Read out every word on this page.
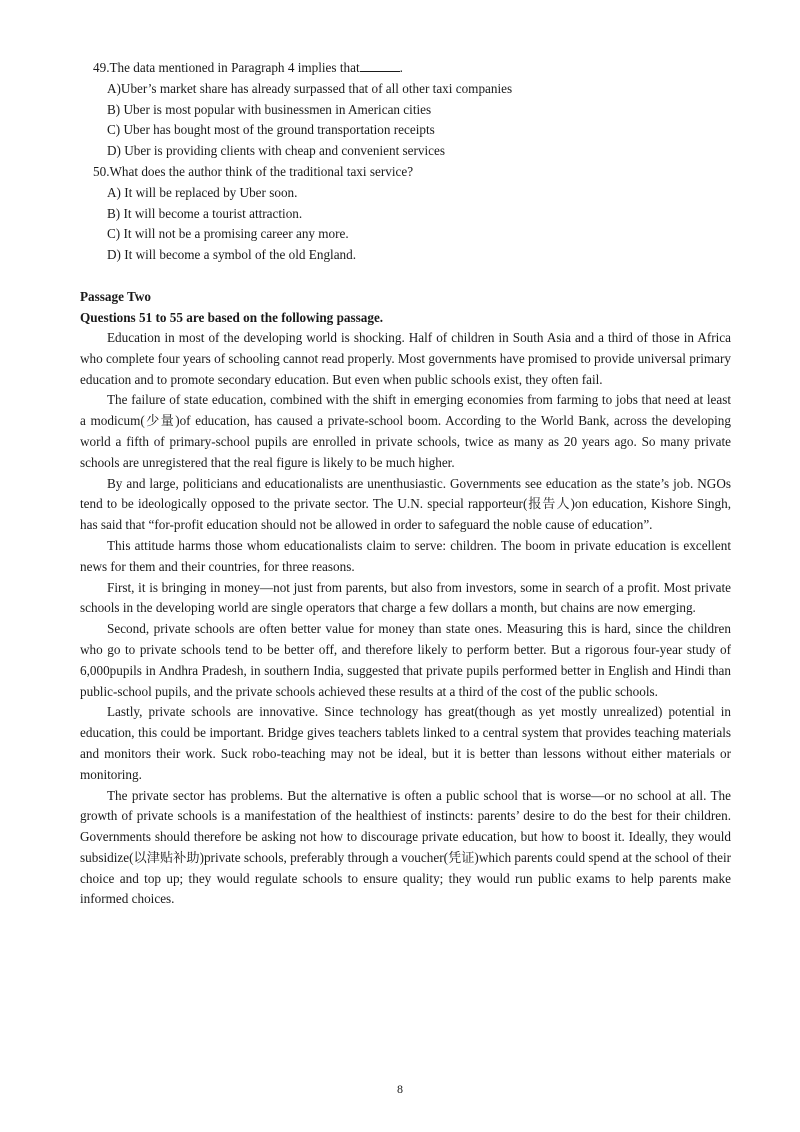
49.The data mentioned in Paragraph 4 implies that	.
A)Uber’s market share has already surpassed that of all other taxi companies
B) Uber is most popular with businessmen in American cities
C) Uber has bought most of the ground transportation receipts
D) Uber is providing clients with cheap and convenient services
50.What does the author think of the traditional taxi service?
A) It will be replaced by Uber soon.
B) It will become a tourist attraction.
C) It will not be a promising career any more.
D) It will become a symbol of the old England.
Passage Two
Questions 51 to 55 are based on the following passage.

Education in most of the developing world is shocking. Half of children in South Asia and a third of those in Africa who complete four years of schooling cannot read properly. Most governments have promised to provide universal primary education and to promote secondary education. But even when public schools exist, they often fail.

The failure of state education, combined with the shift in emerging economies from farming to jobs that need at least a modicum(少量)of education, has caused a private-school boom. According to the World Bank, across the developing world a fifth of primary-school pupils are enrolled in private schools, twice as many as 20 years ago. So many private schools are unregistered that the real figure is likely to be much higher.

By and large, politicians and educationalists are unenthusiastic. Governments see education as the state’s job. NGOs tend to be ideologically opposed to the private sector. The U.N. special rapporteur(报告人)on education, Kishore Singh, has said that “for-profit education should not be allowed in order to safeguard the noble cause of education”.

This attitude harms those whom educationalists claim to serve: children. The boom in private education is excellent news for them and their countries, for three reasons.

First, it is bringing in money—not just from parents, but also from investors, some in search of a profit. Most private schools in the developing world are single operators that charge a few dollars a month, but chains are now emerging.

Second, private schools are often better value for money than state ones. Measuring this is hard, since the children who go to private schools tend to be better off, and therefore likely to perform better. But a rigorous four-year study of 6,000pupils in Andhra Pradesh, in southern India, suggested that private pupils performed better in English and Hindi than public-school pupils, and the private schools achieved these results at a third of the cost of the public schools.

Lastly, private schools are innovative. Since technology has great(though as yet mostly unrealized) potential in education, this could be important. Bridge gives teachers tablets linked to a central system that provides teaching materials and monitors their work. Suck robo-teaching may not be ideal, but it is better than lessons without either materials or monitoring.

The private sector has problems. But the alternative is often a public school that is worse—or no school at all. The growth of private schools is a manifestation of the healthiest of instincts: parents’ desire to do the best for their children. Governments should therefore be asking not how to discourage private education, but how to boost it. Ideally, they would subsidize(以津贴补助)private schools, preferably through a voucher(凭证)which parents could spend at the school of their choice and top up; they would regulate schools to ensure quality; they would run public exams to help parents make informed choices.

8
